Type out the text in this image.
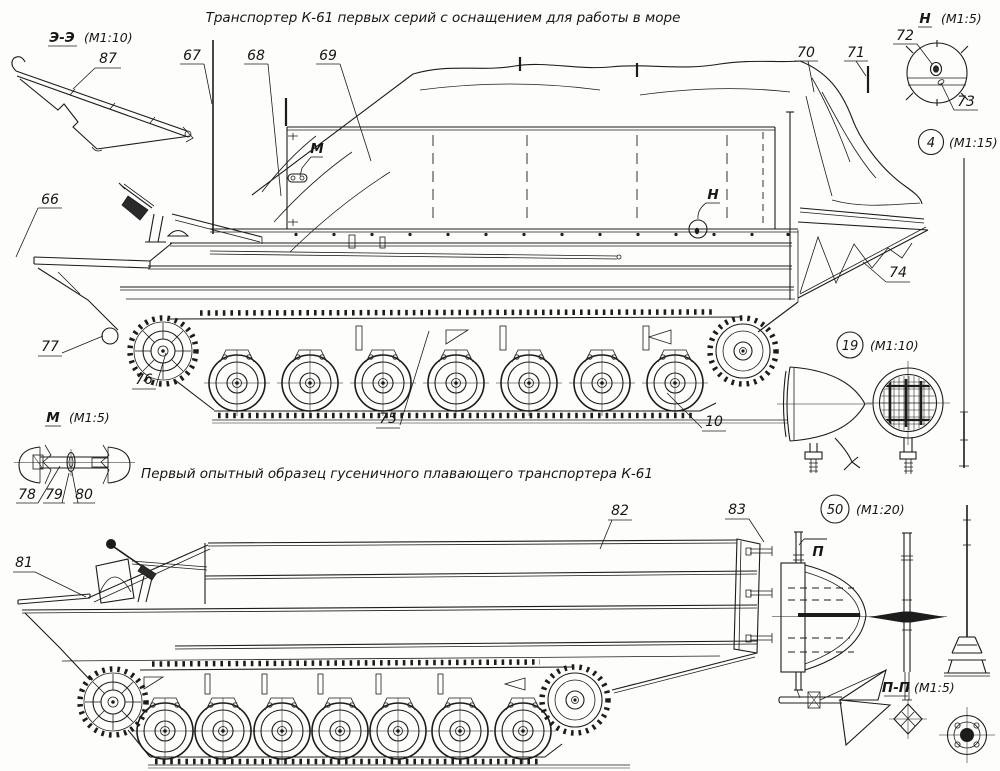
Транспортер К-61 первых серий с оснащением для работы в море
Первый опытный образец гусеничного плавающего транспортера К-61
Э-Э (М1:10)
87
Н (М1:5)
72
73
4 (М1:15)
19 (М1:10)
М (М1:5)
78 79 80
М
Н
66
67	68	69	70 71
74
75
76
77
10
81
82	83	50 (М1:20)
П
П-П (М1:5)
